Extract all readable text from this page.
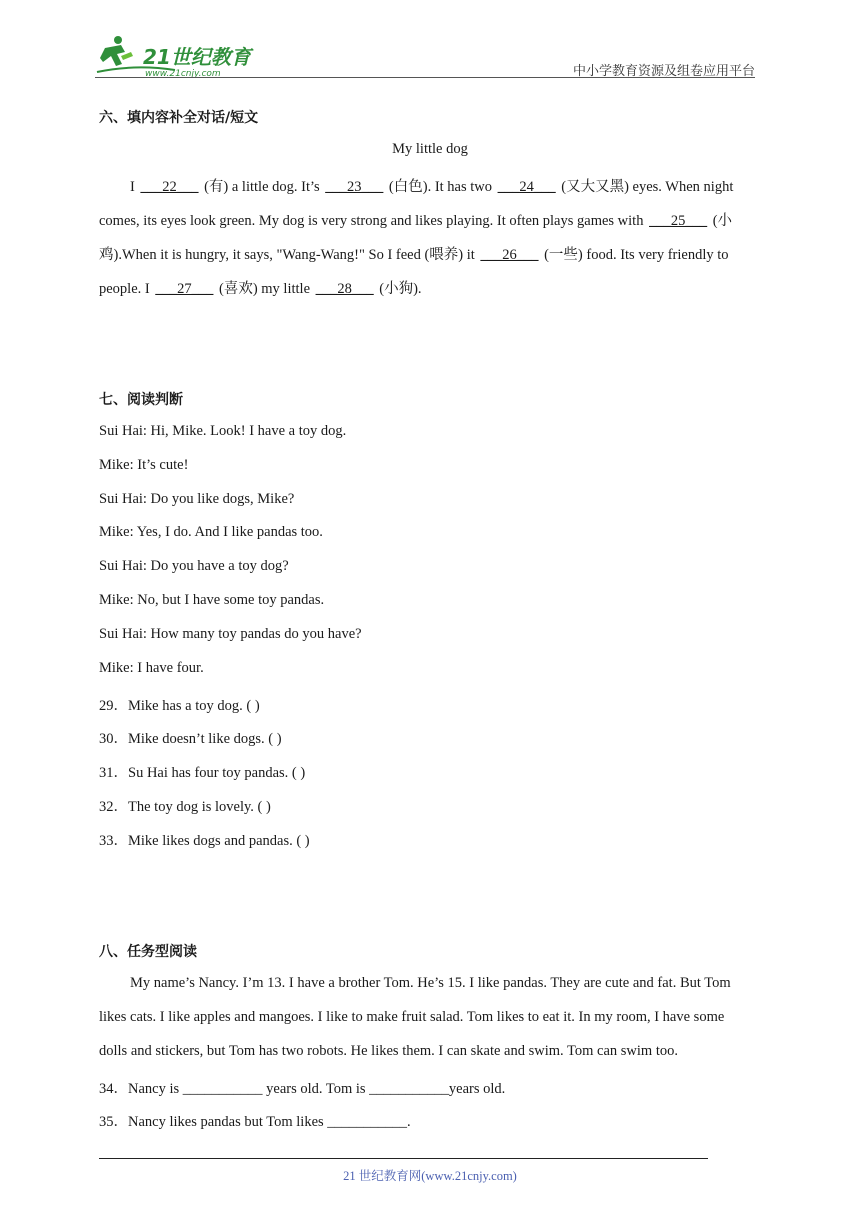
21世纪教育
www.21cnjy.com	中小学教育资源及组卷应用平台
六、填内容补全对话/短文
My little dog
I ___22___ (有) a little dog. It’s ___23___ (白色). It has two ___24___ (又大又黑) eyes. When night
comes, its eyes look green. My dog is very strong and likes playing. It often plays games with ___25___ (小
鸡).When it is hungry, it says, "Wang-Wang!" So I feed (喂养) it ___26___ (一些) food. Its very friendly to
people. I ___27___ (喜欢) my little ___28___ (小狗).
七、阅读判断
Sui Hai: Hi, Mike. Look! I have a toy dog.
Mike: It’s cute!
Sui Hai: Do you like dogs, Mike?
Mike: Yes, I do. And I like pandas too.
Sui Hai: Do you have a toy dog?
Mike: No, but I have some toy pandas.
Sui Hai: How many toy pandas do you have?
Mike: I have four.
29．Mike has a toy dog. ( )
30．Mike doesn’t like dogs. ( )
31．Su Hai has four toy pandas. ( )
32．The toy dog is lovely. ( )
33．Mike likes dogs and pandas. ( )
八、任务型阅读
My name’s Nancy. I’m 13. I have a brother Tom. He’s 15. I like pandas. They are cute and fat. But Tom
likes cats. I like apples and mangoes. I like to make fruit salad. Tom likes to eat it. In my room, I have some
dolls and stickers, but Tom has two robots. He likes them. I can skate and swim. Tom can swim too.
34．Nancy is ___________ years old. Tom is ___________years old.
35．Nancy likes pandas but Tom likes ___________.
21 世纪教育网(www.21cnjy.com)
